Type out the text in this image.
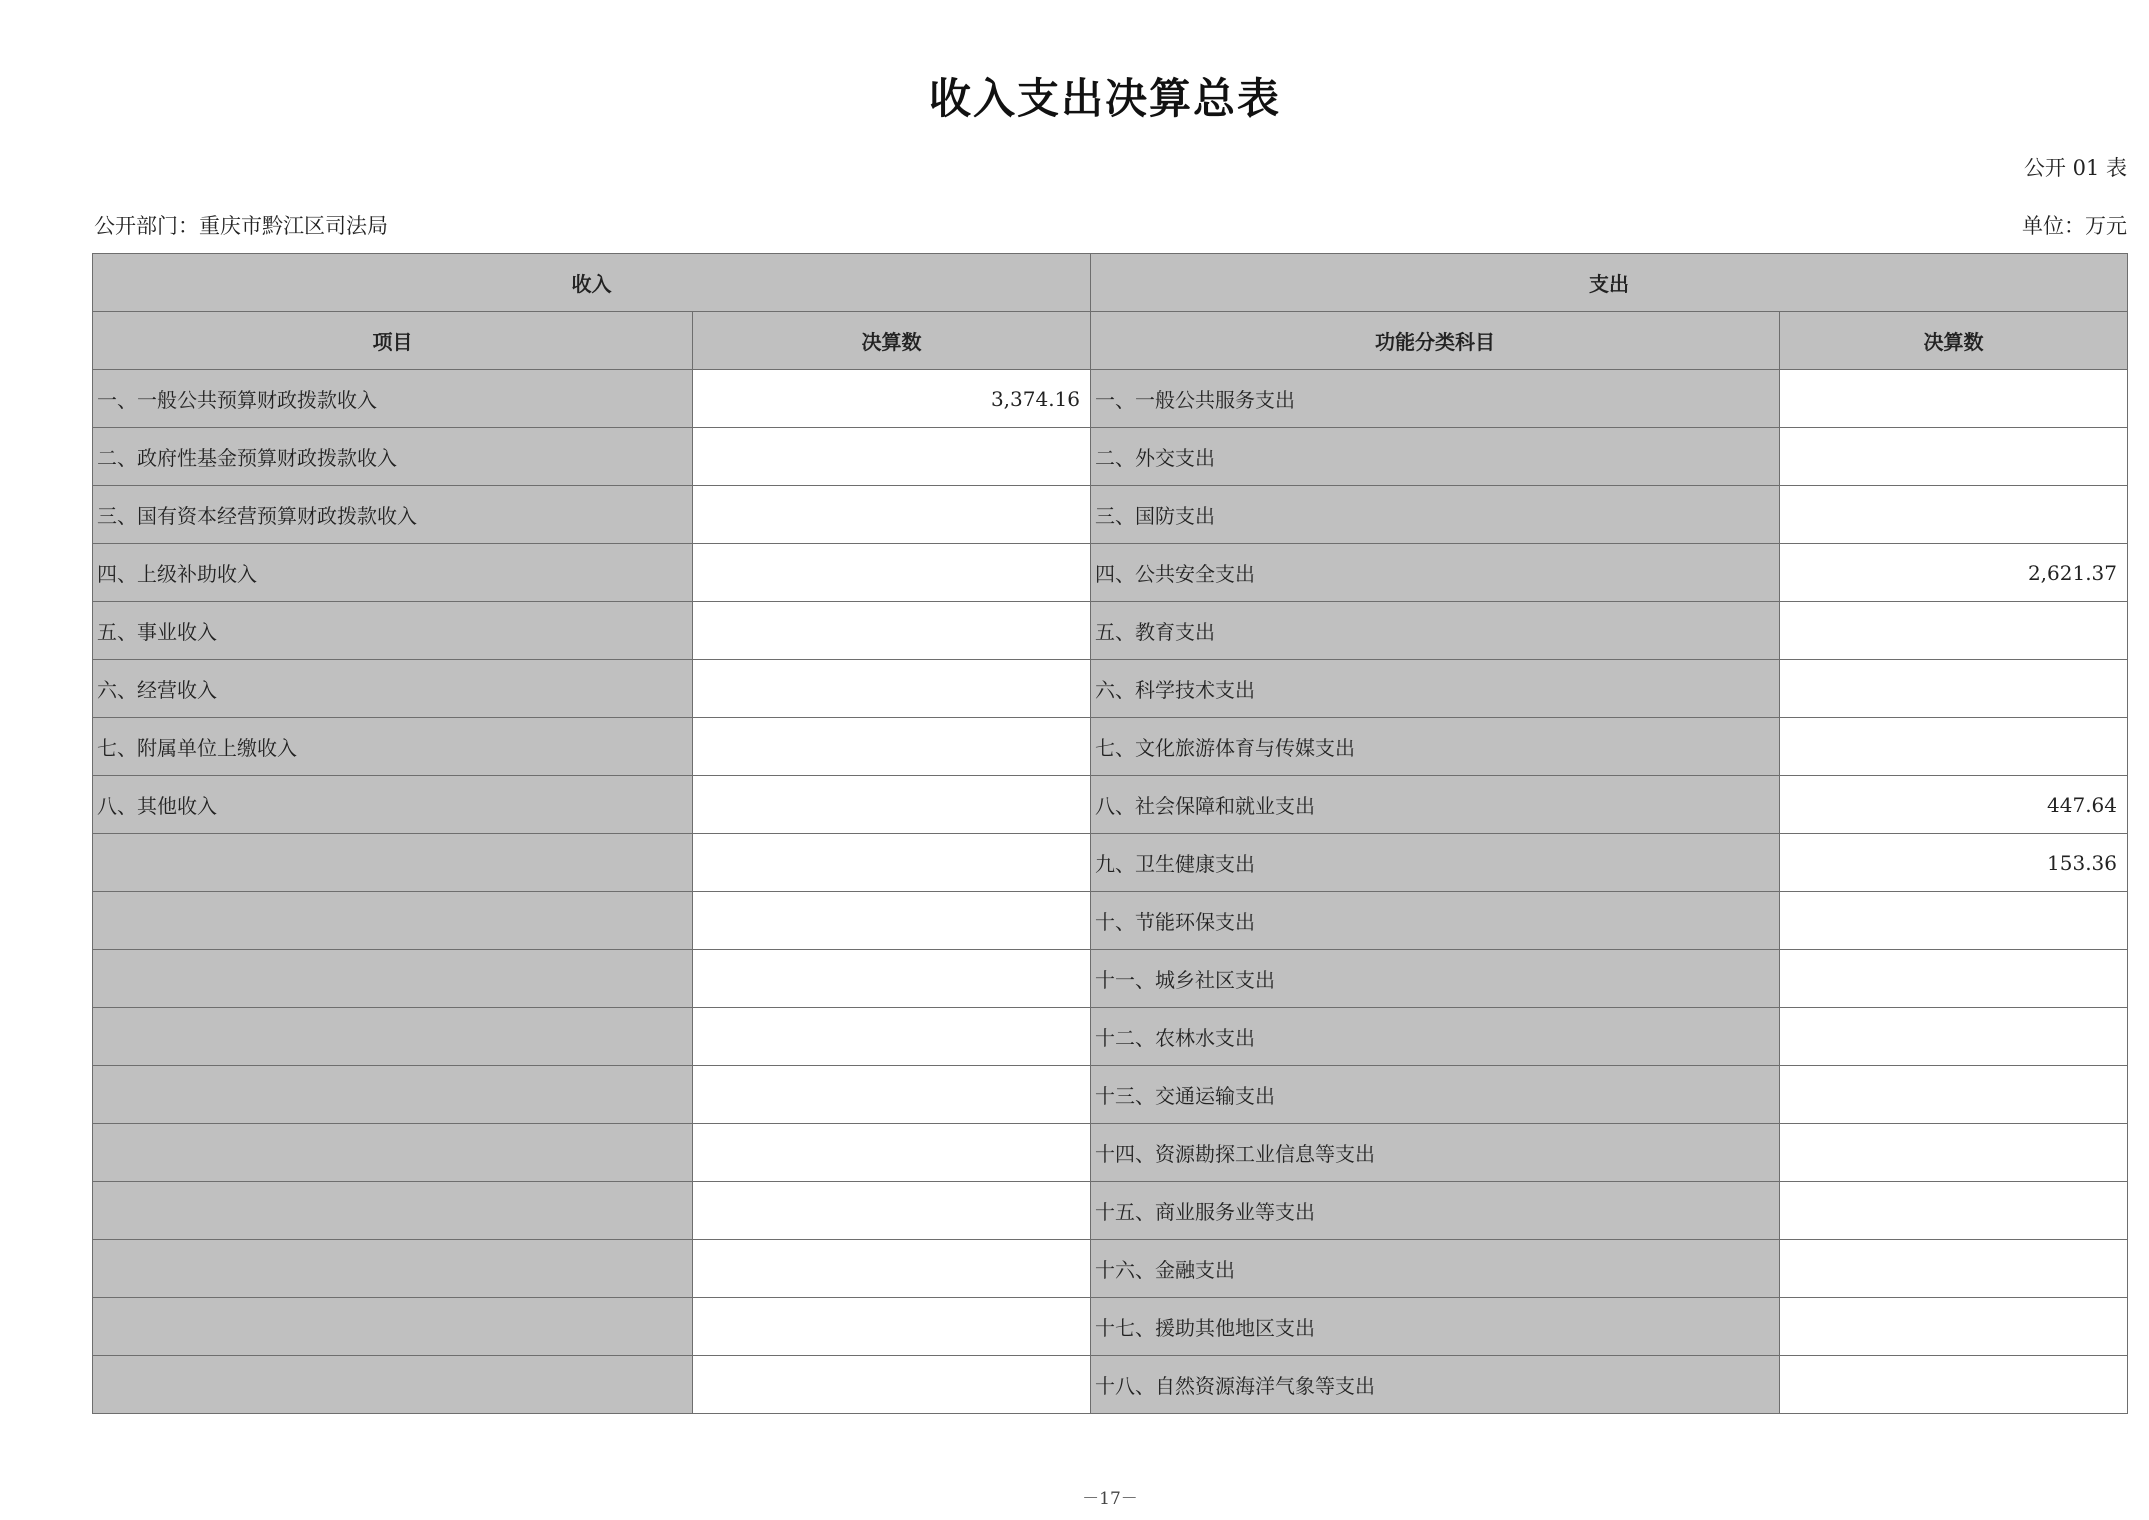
收入支出决算总表
公开 01 表
公开部门：重庆市黔江区司法局	单位：万元
收入		支出	
项目	决算数	功能分类科目	决算数
一、一般公共预算财政拨款收入	3,374.16	一、一般公共服务支出	
二、政府性基金预算财政拨款收入		二、外交支出	
三、国有资本经营预算财政拨款收入		三、国防支出	
四、上级补助收入		四、公共安全支出	2,621.37
五、事业收入		五、教育支出	
六、经营收入		六、科学技术支出	
七、附属单位上缴收入		七、文化旅游体育与传媒支出	
八、其他收入		八、社会保障和就业支出	447.64
		九、卫生健康支出	153.36
		十、节能环保支出	
		十一、城乡社区支出	
		十二、农林水支出	
		十三、交通运输支出	
		十四、资源勘探工业信息等支出	
		十五、商业服务业等支出	
		十六、金融支出	
		十七、援助其他地区支出	
		十八、自然资源海洋气象等支出	
－17－
